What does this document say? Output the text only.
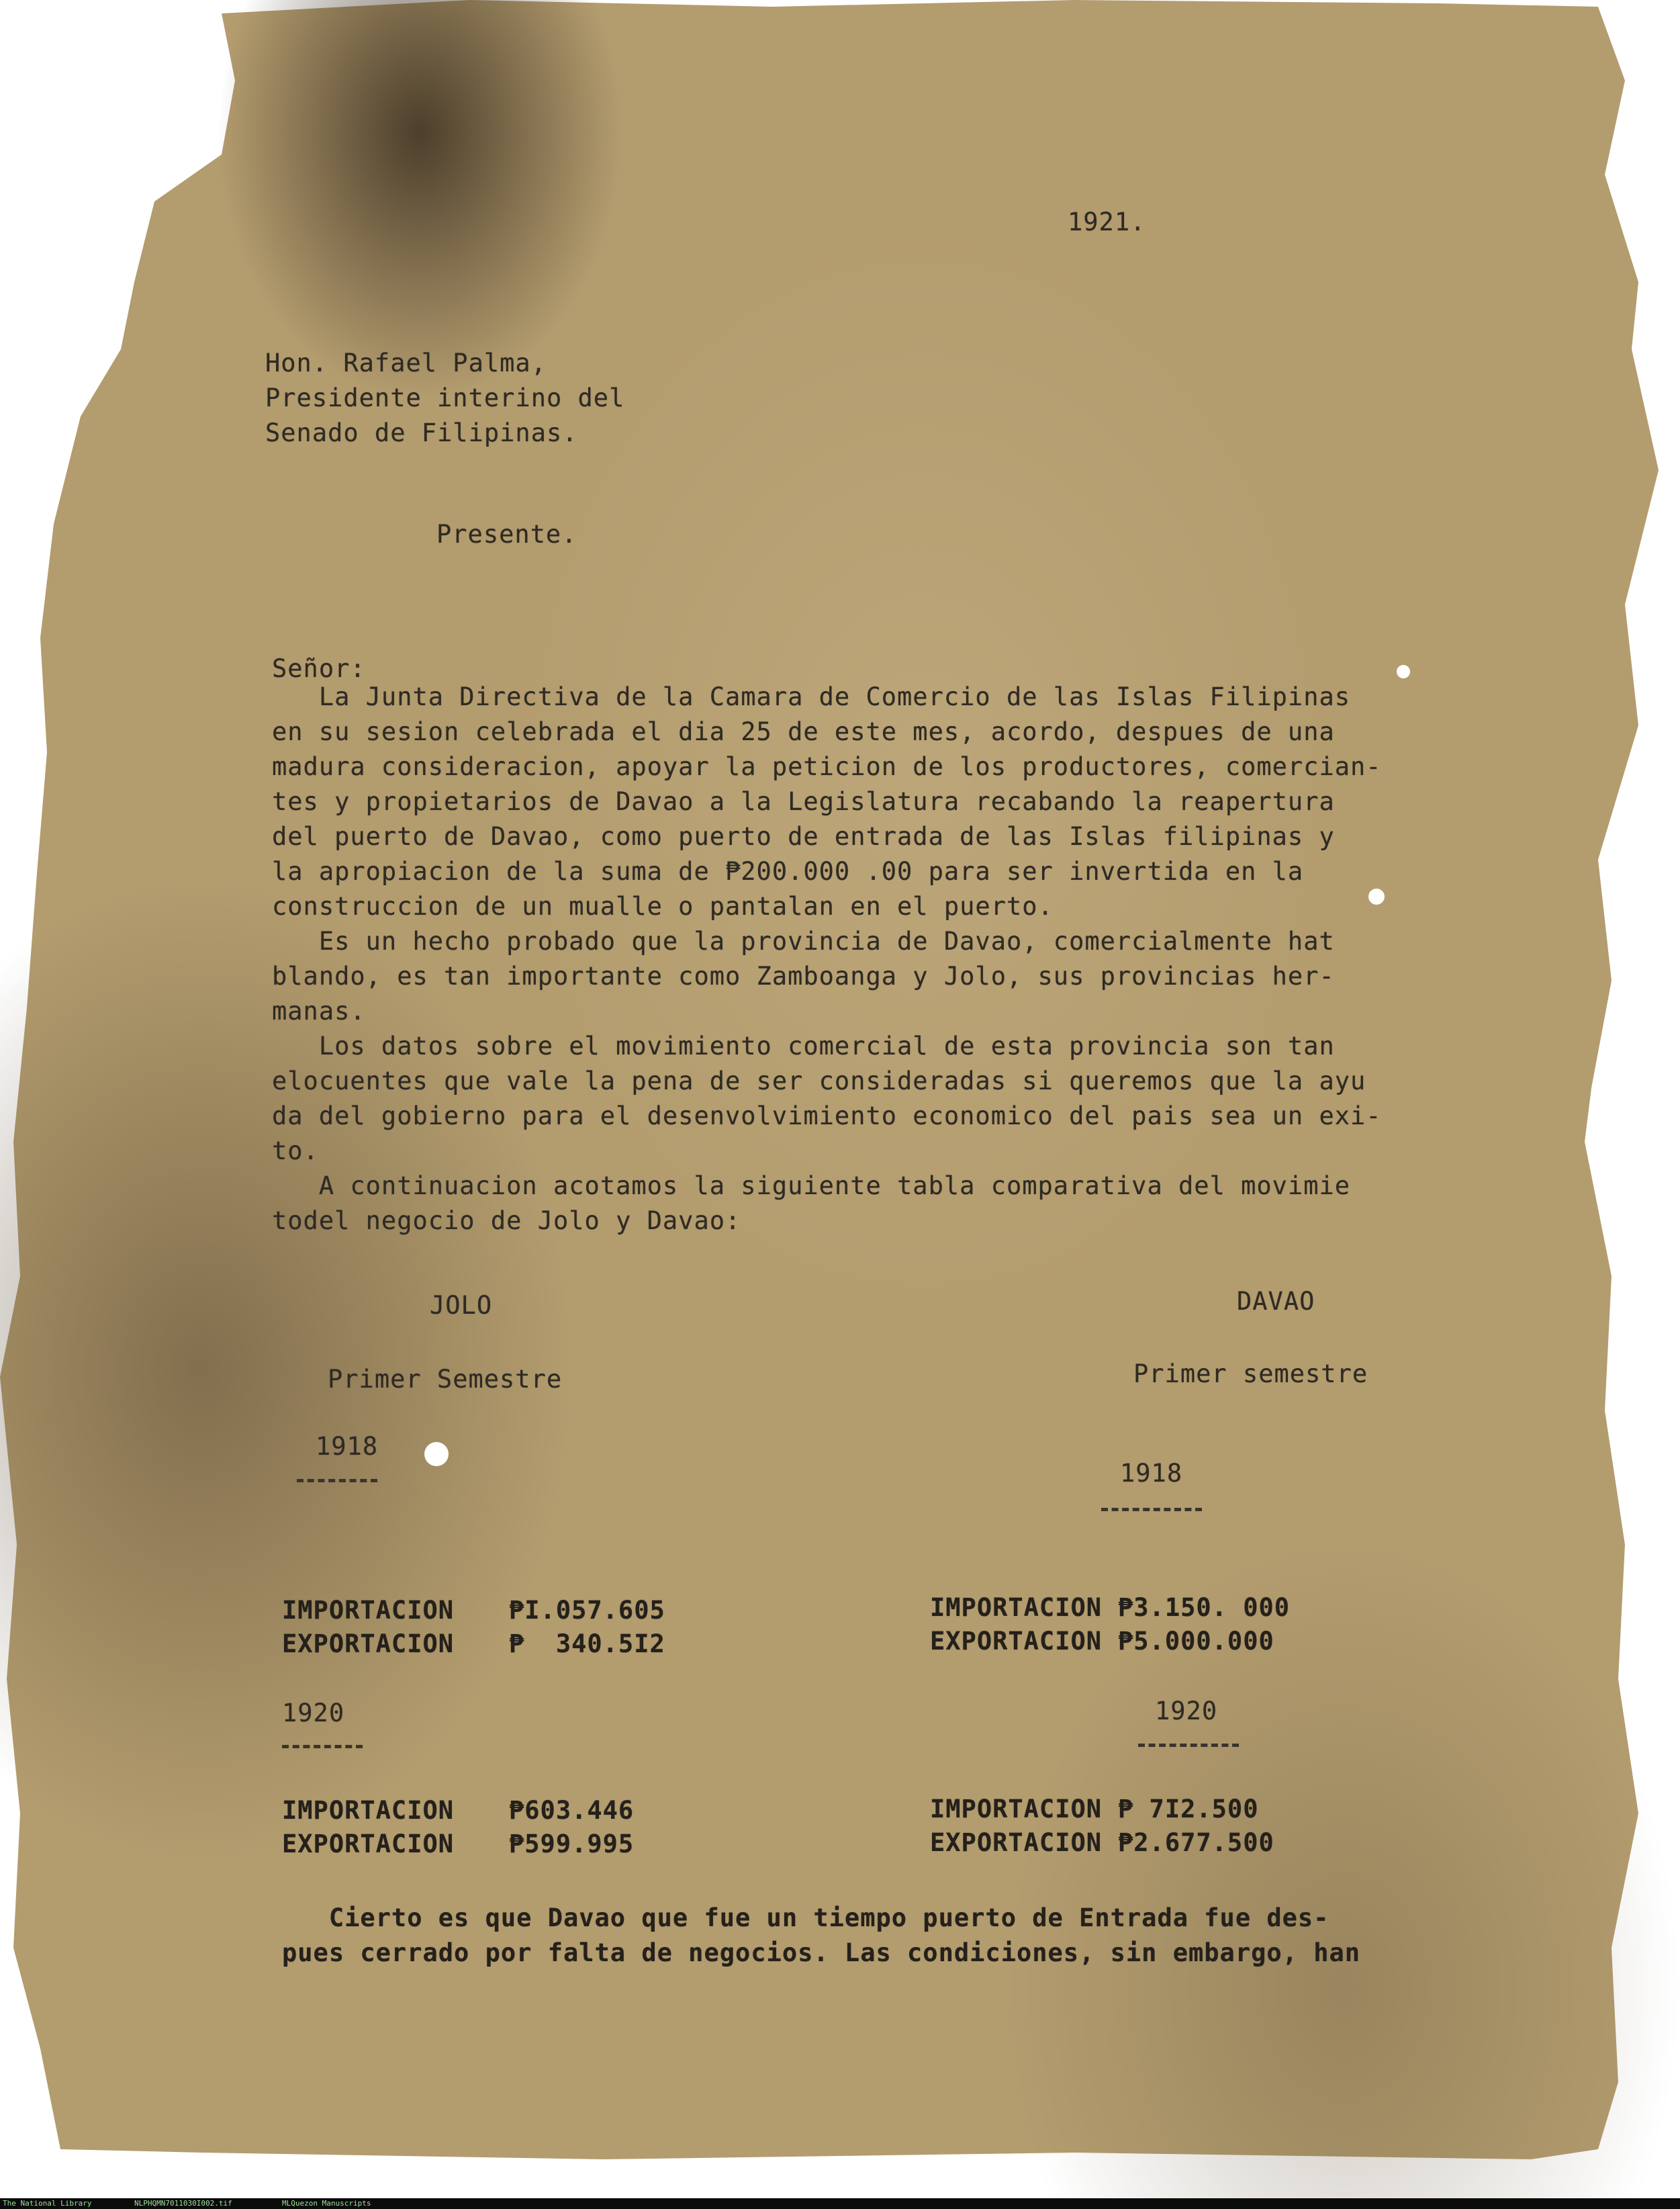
1921.
Hon. Rafael Palma,
Presidente interino del
Senado de Filipinas.
Presente.
Señor:
La Junta Directiva de la Camara de Comercio de las Islas Filipinas
en su sesion celebrada el dia 25 de este mes, acordo, despues de una
madura consideracion, apoyar la peticion de los productores, comercian-
tes y propietarios de Davao a la Legislatura recabando la reapertura
del puerto de Davao, como puerto de entrada de las Islas filipinas y
la apropiacion de la suma de ₱200.000 .00 para ser invertida en la
construccion de un mualle o pantalan en el puerto.
Es un hecho probado que la provincia de Davao, comercialmente hat
blando, es tan importante como Zamboanga y Jolo, sus provincias her-
manas.
Los datos sobre el movimiento comercial de esta provincia son tan
elocuentes que vale la pena de ser consideradas si queremos que la ayu
da del gobierno para el desenvolvimiento economico del pais sea un exi-
to.
A continuacion acotamos la siguiente tabla comparativa del movimie
todel negocio de Jolo y Davao:
JOLO
Primer Semestre
1918
IMPORTACION ₱I.057.605
EXPORTACION ₱  340.5I2
1920
IMPORTACION ₱603.446
EXPORTACION ₱599.995
DAVAO
Primer semestre
1918
IMPORTACION ₱3.150. 000
EXPORTACION ₱5.000.000
1920
IMPORTACION ₱ 7I2.500
EXPORTACION ₱2.677.500
Cierto es que Davao que fue un tiempo puerto de Entrada fue des-
pues cerrado por falta de negocios. Las condiciones, sin embargo, han
The National Library	NLPHQMN7011030I002.tif	MLQuezon Manuscripts
